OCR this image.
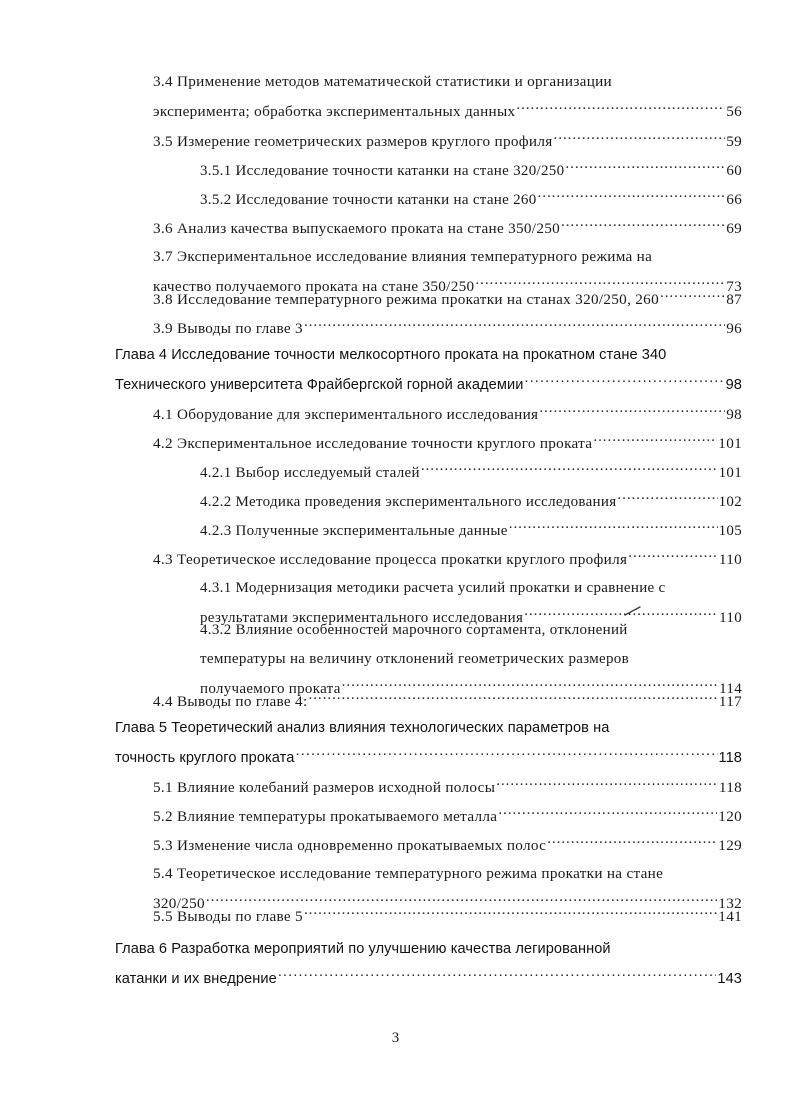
3.4 Применение методов математической статистики и организации
эксперимента; обработка экспериментальных данных .....	56
3.5 Измерение геометрических размеров круглого профиля .....	59
3.5.1 Исследование точности катанки на стане 320/250 .....	60
3.5.2 Исследование точности катанки на стане 260 .....	66
3.6 Анализ качества выпускаемого проката на стане 350/250 .....	69
3.7 Экспериментальное исследование влияния температурного режима на
качество получаемого проката на стане 350/250 .....	73
3.8 Исследование температурного режима прокатки на станах 320/250, 260 .....	87
3.9 Выводы по главе 3 .....	96
Глава 4 Исследование точности мелкосортного проката на прокатном стане 340
Технического университета Фрайбергской горной академии .....	98
4.1 Оборудование для экспериментального исследования .....	98
4.2 Экспериментальное исследование точности круглого проката .....	101
4.2.1 Выбор исследуемый сталей .....	101
4.2.2 Методика проведения экспериментального исследования .....	102
4.2.3 Полученные экспериментальные данные .....	105
4.3 Теоретическое исследование процесса прокатки круглого профиля .....	110
4.3.1 Модернизация методики расчета усилий прокатки и сравнение с
результатами экспериментального исследования .....	110
4.3.2 Влияние особенностей марочного сортамента, отклонений
температуры на величину отклонений геометрических размеров
получаемого проката .....	114
4.4 Выводы по главе 4: .....	117
Глава 5 Теоретический анализ влияния технологических параметров на
точность круглого проката .....	118
5.1 Влияние колебаний размеров исходной полосы .....	118
5.2 Влияние температуры прокатываемого металла .....	120
5.3 Изменение числа одновременно прокатываемых полос .....	129
5.4 Теоретическое исследование температурного режима прокатки на стане
320/250 .....	132
5.5 Выводы по главе 5 .....	141
Глава 6 Разработка мероприятий по улучшению качества легированной
катанки и их внедрение .....	143
3
